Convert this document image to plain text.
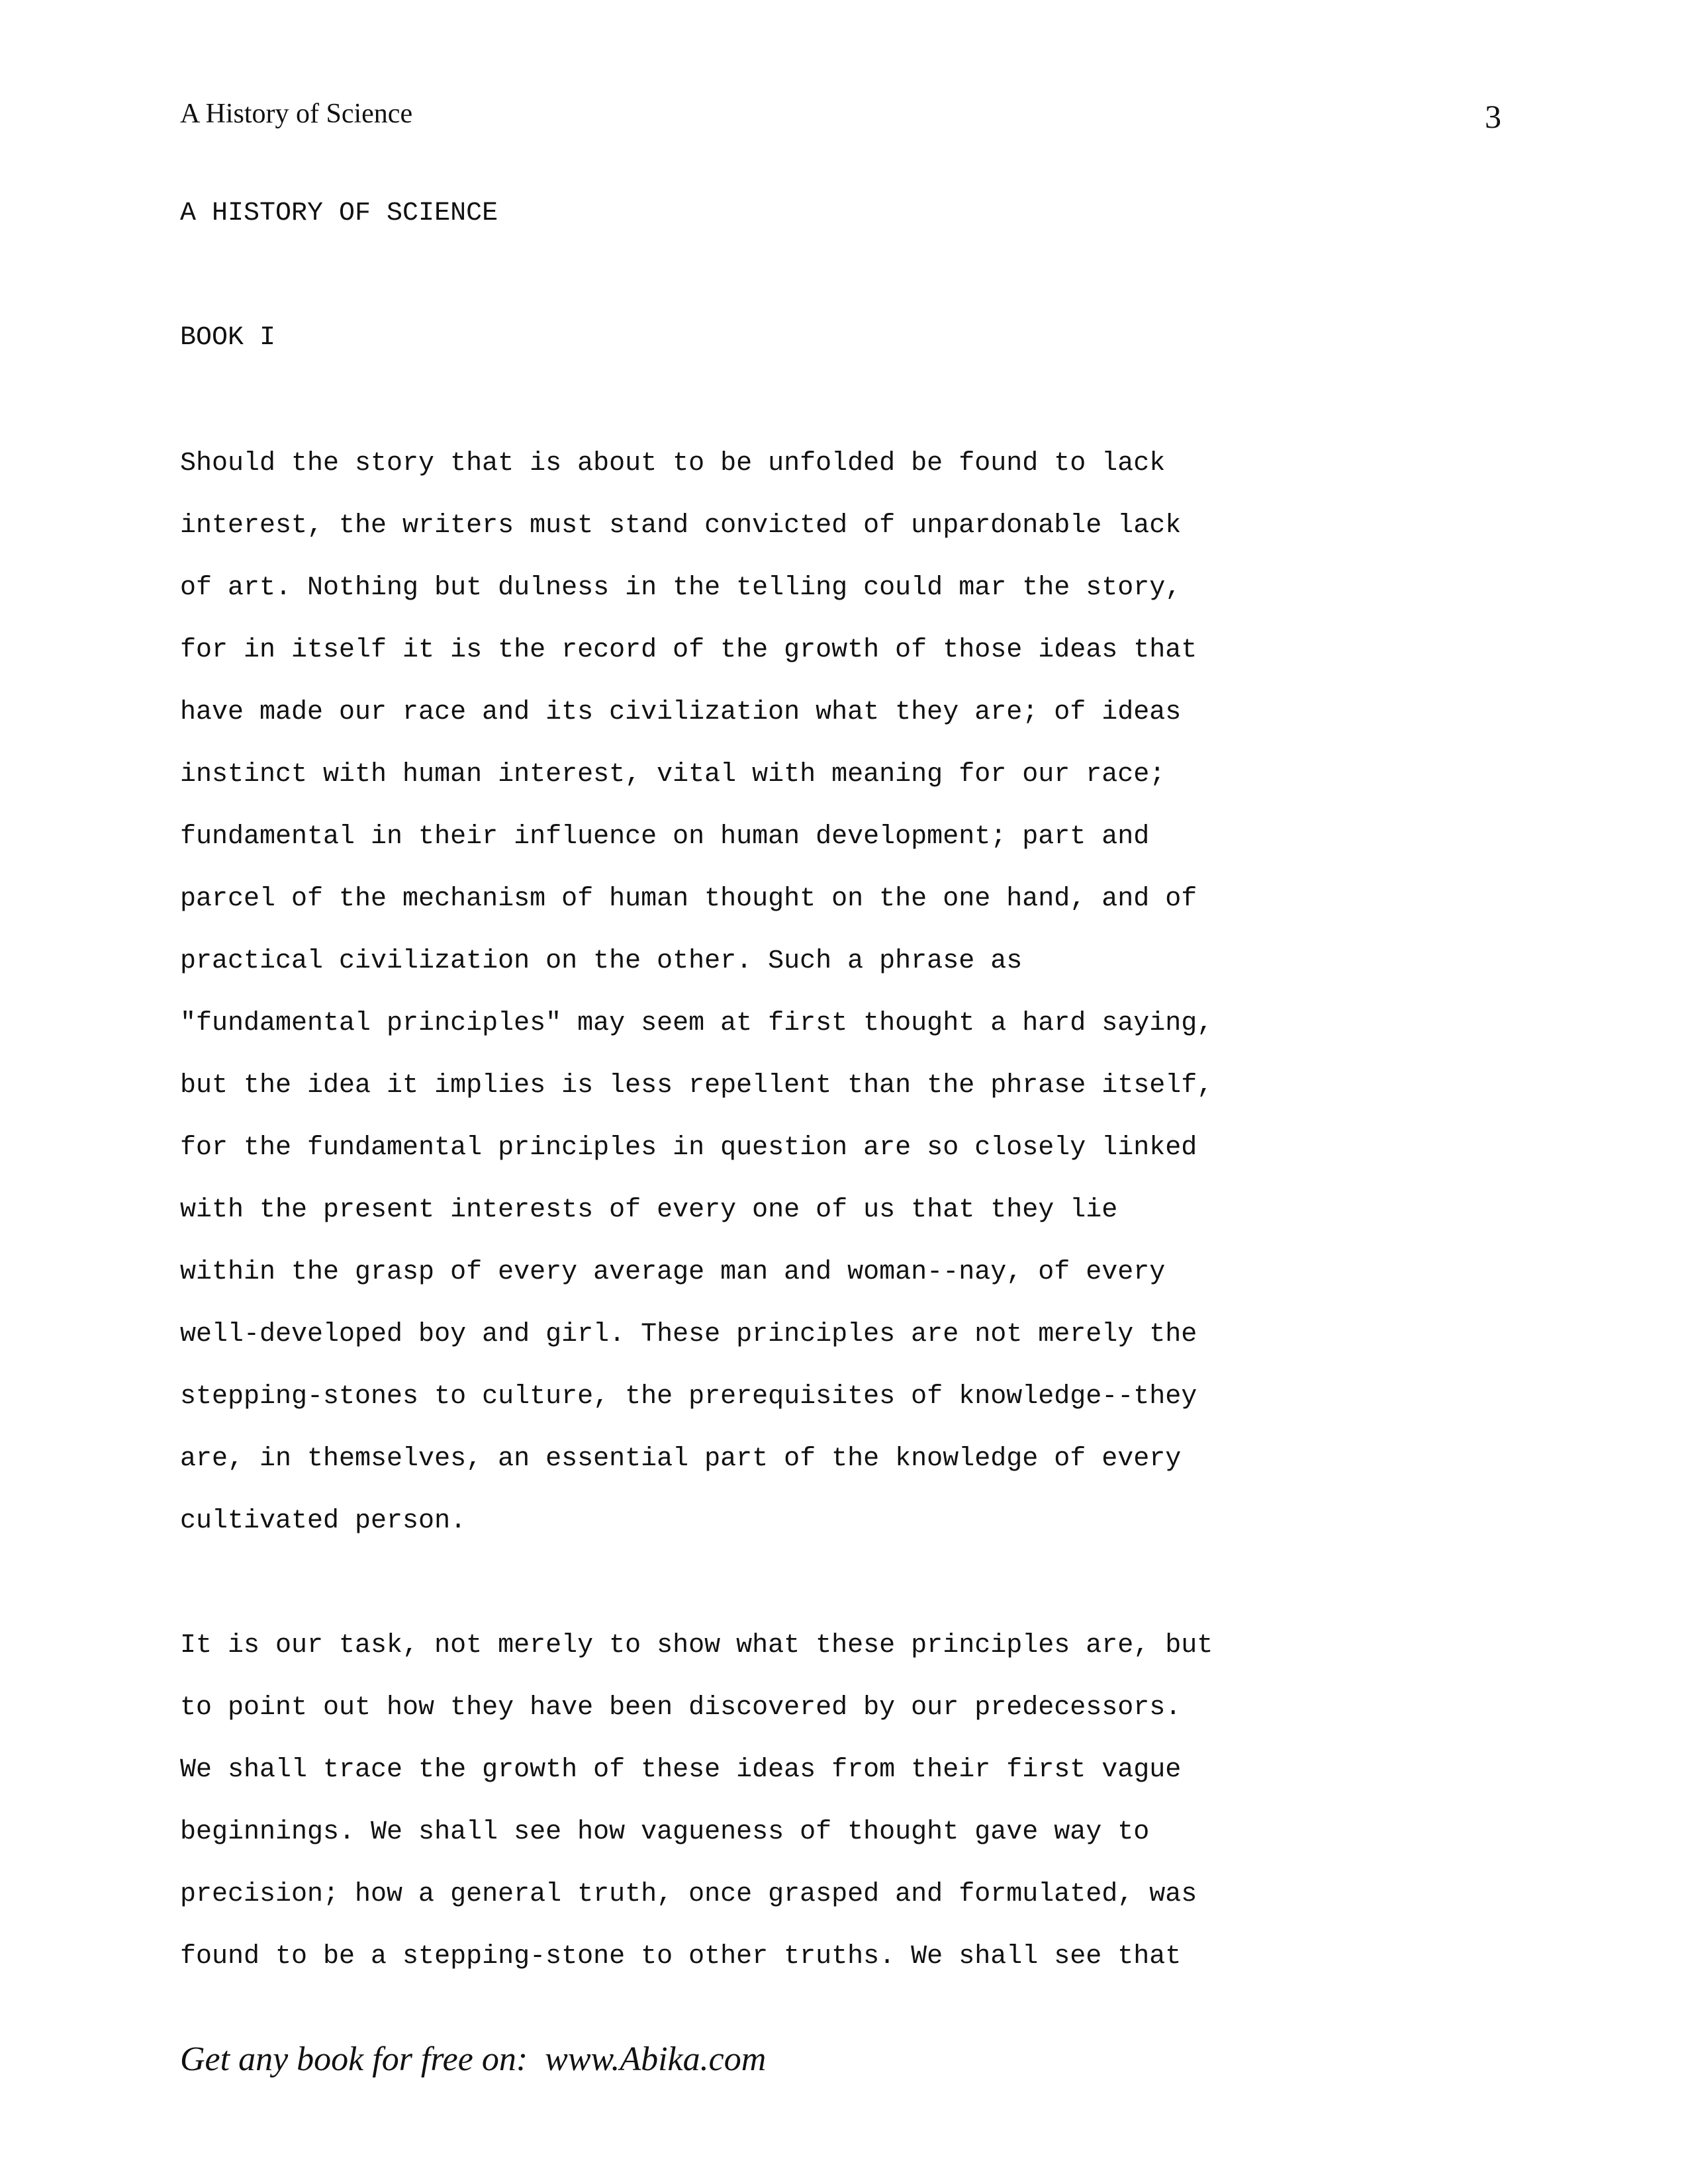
A History of Science	3
A HISTORY OF SCIENCE
BOOK I

Should the story that is about to be unfolded be found to lack
interest, the writers must stand convicted of unpardonable lack
of art. Nothing but dulness in the telling could mar the story,
for in itself it is the record of the growth of those ideas that
have made our race and its civilization what they are; of ideas
instinct with human interest, vital with meaning for our race;
fundamental in their influence on human development; part and
parcel of the mechanism of human thought on the one hand, and of
practical civilization on the other. Such a phrase as
"fundamental principles" may seem at first thought a hard saying,
but the idea it implies is less repellent than the phrase itself,
for the fundamental principles in question are so closely linked
with the present interests of every one of us that they lie
within the grasp of every average man and woman--nay, of every
well-developed boy and girl. These principles are not merely the
stepping-stones to culture, the prerequisites of knowledge--they
are, in themselves, an essential part of the knowledge of every
cultivated person.

It is our task, not merely to show what these principles are, but
to point out how they have been discovered by our predecessors.
We shall trace the growth of these ideas from their first vague
beginnings. We shall see how vagueness of thought gave way to
precision; how a general truth, once grasped and formulated, was
found to be a stepping-stone to other truths. We shall see that

Get any book for free on:  www.Abika.com
